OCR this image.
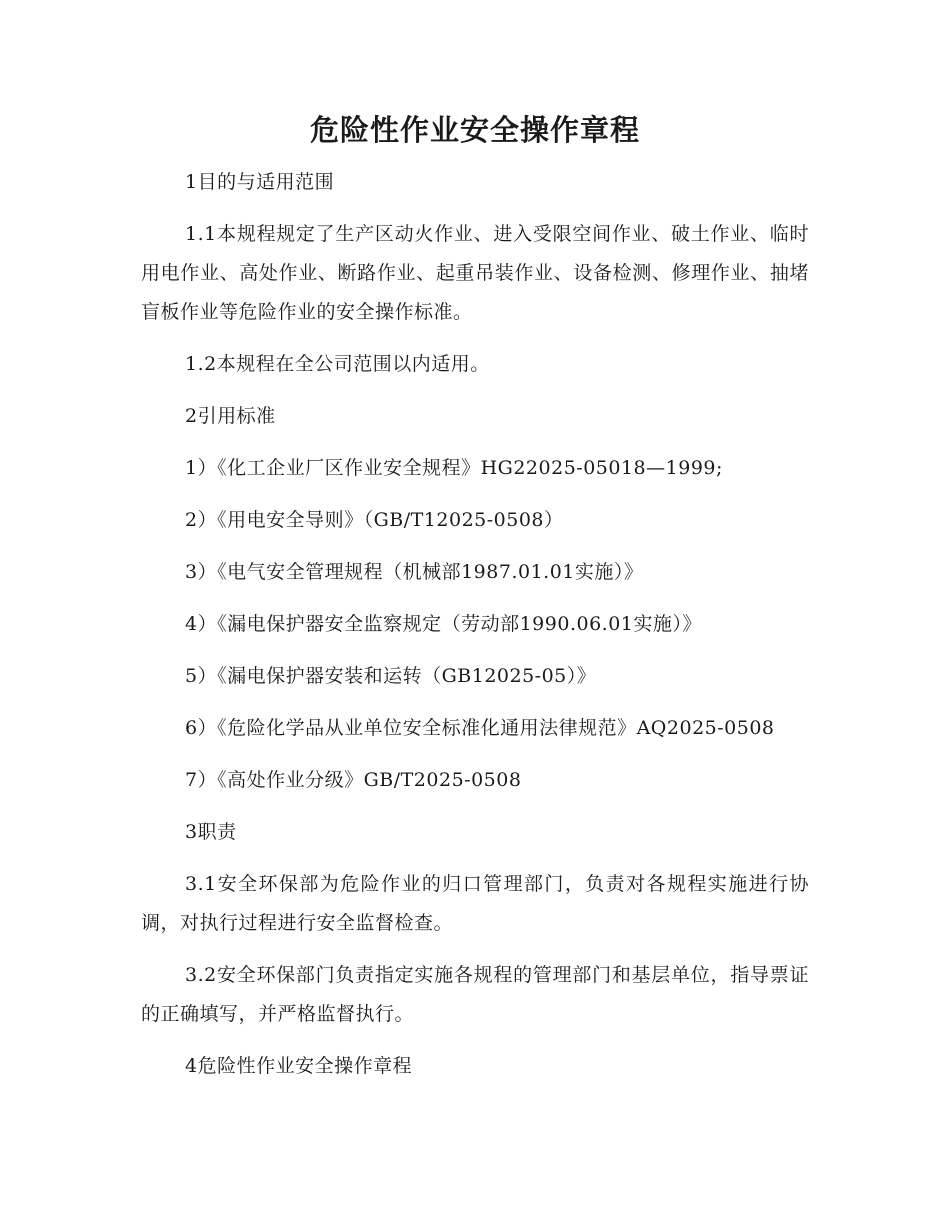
危险性作业安全操作章程

1目的与适用范围

1.1本规程规定了生产区动火作业、进入受限空间作业、破土作业、临时用电作业、高处作业、断路作业、起重吊装作业、设备检测、修理作业、抽堵盲板作业等危险作业的安全操作标准。

1.2本规程在全公司范围以内适用。

2引用标准

1）《化工企业厂区作业安全规程》HG22025-05018—1999;

2）《用电安全导则》（GB/T12025-0508）

3）《电气安全管理规程（机械部1987.01.01实施）》

4）《漏电保护器安全监察规定（劳动部1990.06.01实施）》

5）《漏电保护器安装和运转（GB12025-05）》

6）《危险化学品从业单位安全标准化通用法律规范》AQ2025-0508

7）《高处作业分级》GB/T2025-0508

3职责

3.1安全环保部为危险作业的归口管理部门，负责对各规程实施进行协调，对执行过程进行安全监督检查。

3.2安全环保部门负责指定实施各规程的管理部门和基层单位，指导票证的正确填写，并严格监督执行。

4危险性作业安全操作章程
